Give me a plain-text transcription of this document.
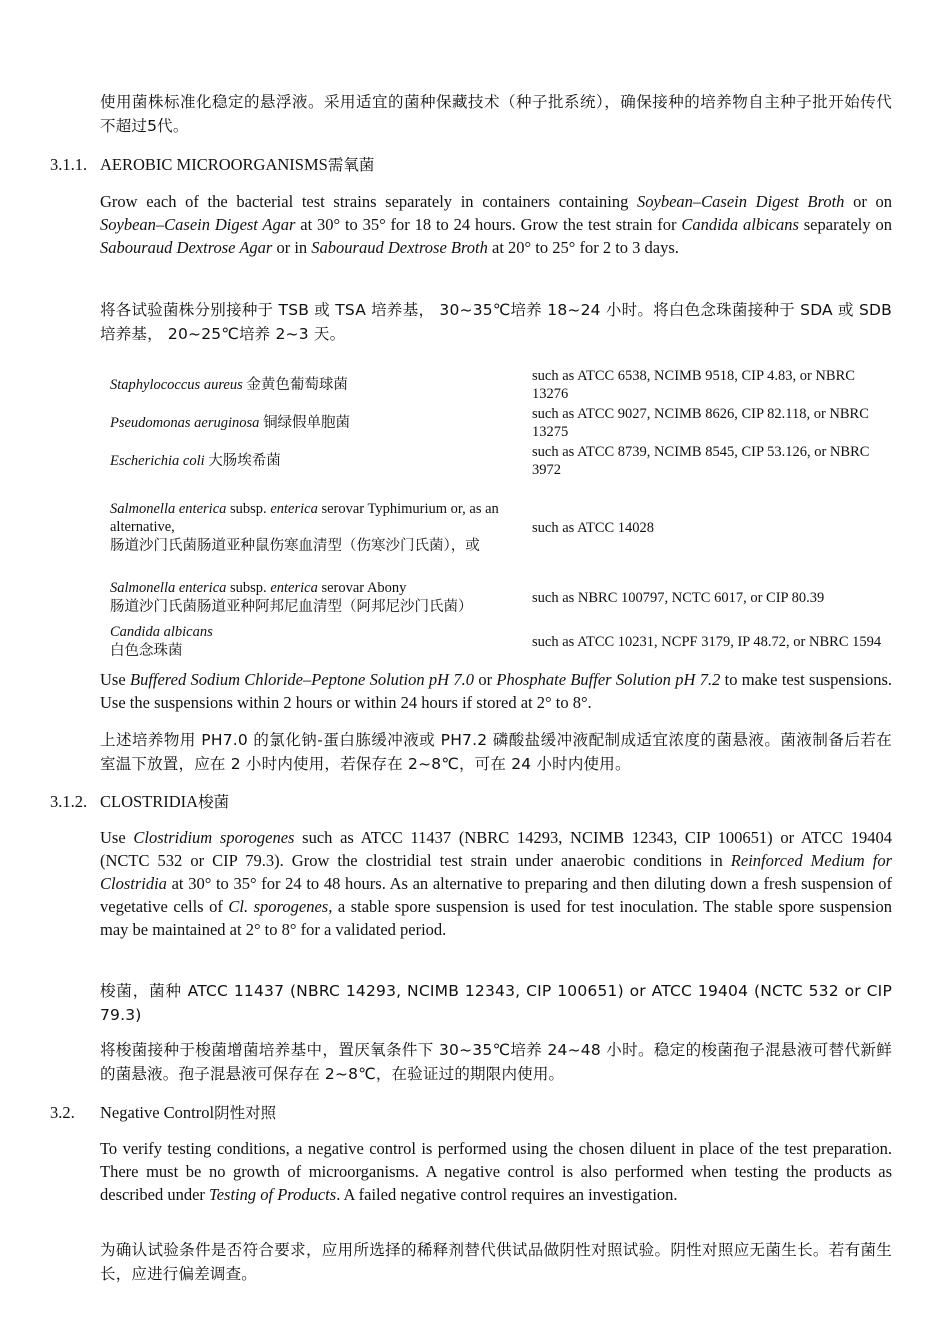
使用菌株标准化稳定的悬浮液。采用适宜的菌种保藏技术（种子批系统），确保接种的培养物自主种子批开始传代不超过5代。

3.1.1. AEROBIC MICROORGANISMS需氧菌

Grow each of the bacterial test strains separately in containers containing Soybean–Casein Digest Broth or on Soybean–Casein Digest Agar at 30° to 35° for 18 to 24 hours. Grow the test strain for Candida albicans separately on Sabouraud Dextrose Agar or in Sabouraud Dextrose Broth at 20° to 25° for 2 to 3 days.

将各试验菌株分别接种于 TSB 或 TSA 培养基， 30~35℃培养 18~24 小时。将白色念珠菌接种于 SDA 或 SDB 培养基， 20~25℃培养 2~3 天。

Staphylococcus aureus 金黄色葡萄球菌	such as ATCC 6538, NCIMB 9518, CIP 4.83, or NBRC 13276
Pseudomonas aeruginosa 铜绿假单胞菌	such as ATCC 9027, NCIMB 8626, CIP 82.118, or NBRC 13275
Escherichia coli 大肠埃希菌	such as ATCC 8739, NCIMB 8545, CIP 53.126, or NBRC 3972
Salmonella enterica subsp. enterica serovar Typhimurium or, as an alternative,
肠道沙门氏菌肠道亚种鼠伤寒血清型（伤寒沙门氏菌），或	such as ATCC 14028
Salmonella enterica subsp. enterica serovar Abony
肠道沙门氏菌肠道亚种阿邦尼血清型（阿邦尼沙门氏菌）	such as NBRC 100797, NCTC 6017, or CIP 80.39
Candida albicans
白色念珠菌	such as ATCC 10231, NCPF 3179, IP 48.72, or NBRC 1594

Use Buffered Sodium Chloride–Peptone Solution pH 7.0 or Phosphate Buffer Solution pH 7.2 to make test suspensions. Use the suspensions within 2 hours or within 24 hours if stored at 2° to 8°.

上述培养物用 PH7.0 的氯化钠-蛋白胨缓冲液或 PH7.2 磷酸盐缓冲液配制成适宜浓度的菌悬液。菌液制备后若在室温下放置，应在 2 小时内使用，若保存在 2~8℃，可在 24 小时内使用。

3.1.2. CLOSTRIDIA梭菌

Use Clostridium sporogenes such as ATCC 11437 (NBRC 14293, NCIMB 12343, CIP 100651) or ATCC 19404 (NCTC 532 or CIP 79.3). Grow the clostridial test strain under anaerobic conditions in Reinforced Medium for Clostridia at 30° to 35° for 24 to 48 hours. As an alternative to preparing and then diluting down a fresh suspension of vegetative cells of Cl. sporogenes, a stable spore suspension is used for test inoculation. The stable spore suspension may be maintained at 2° to 8° for a validated period.

梭菌，菌种 ATCC 11437 (NBRC 14293, NCIMB 12343, CIP 100651) or ATCC 19404 (NCTC 532 or CIP 79.3)

将梭菌接种于梭菌增菌培养基中，置厌氧条件下 30~35℃培养 24~48 小时。稳定的梭菌孢子混悬液可替代新鲜的菌悬液。孢子混悬液可保存在 2~8℃，在验证过的期限内使用。

3.2. Negative Control阴性对照

To verify testing conditions, a negative control is performed using the chosen diluent in place of the test preparation. There must be no growth of microorganisms. A negative control is also performed when testing the products as described under Testing of Products. A failed negative control requires an investigation.

为确认试验条件是否符合要求，应用所选择的稀释剂替代供试品做阴性对照试验。阴性对照应无菌生长。若有菌生长，应进行偏差调查。
